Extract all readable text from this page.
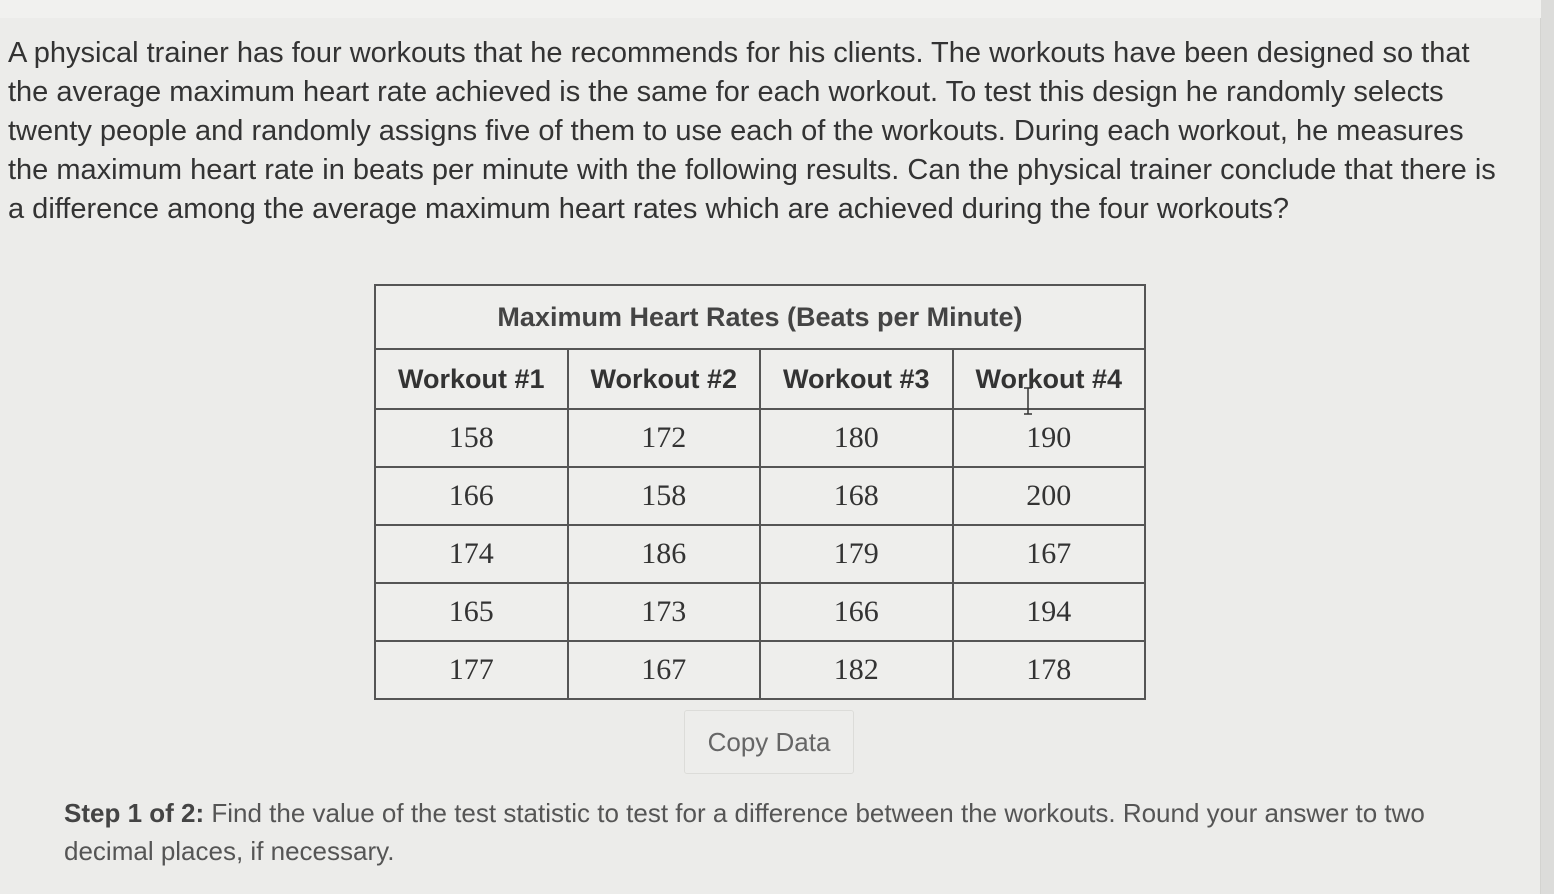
A physical trainer has four workouts that he recommends for his clients. The workouts have been designed so that the average maximum heart rate achieved is the same for each workout. To test this design he randomly selects twenty people and randomly assigns five of them to use each of the workouts. During each workout, he measures the maximum heart rate in beats per minute with the following results. Can the physical trainer conclude that there is a difference among the average maximum heart rates which are achieved during the four workouts?

Maximum Heart Rates (Beats per Minute)			
Workout #1	Workout #2	Workout #3	Workout #4
158	172	180	190
166	158	168	200
174	186	179	167
165	173	166	194
177	167	182	178
Copy Data
Step 1 of 2: Find the value of the test statistic to test for a difference between the workouts. Round your answer to two decimal places, if necessary.
